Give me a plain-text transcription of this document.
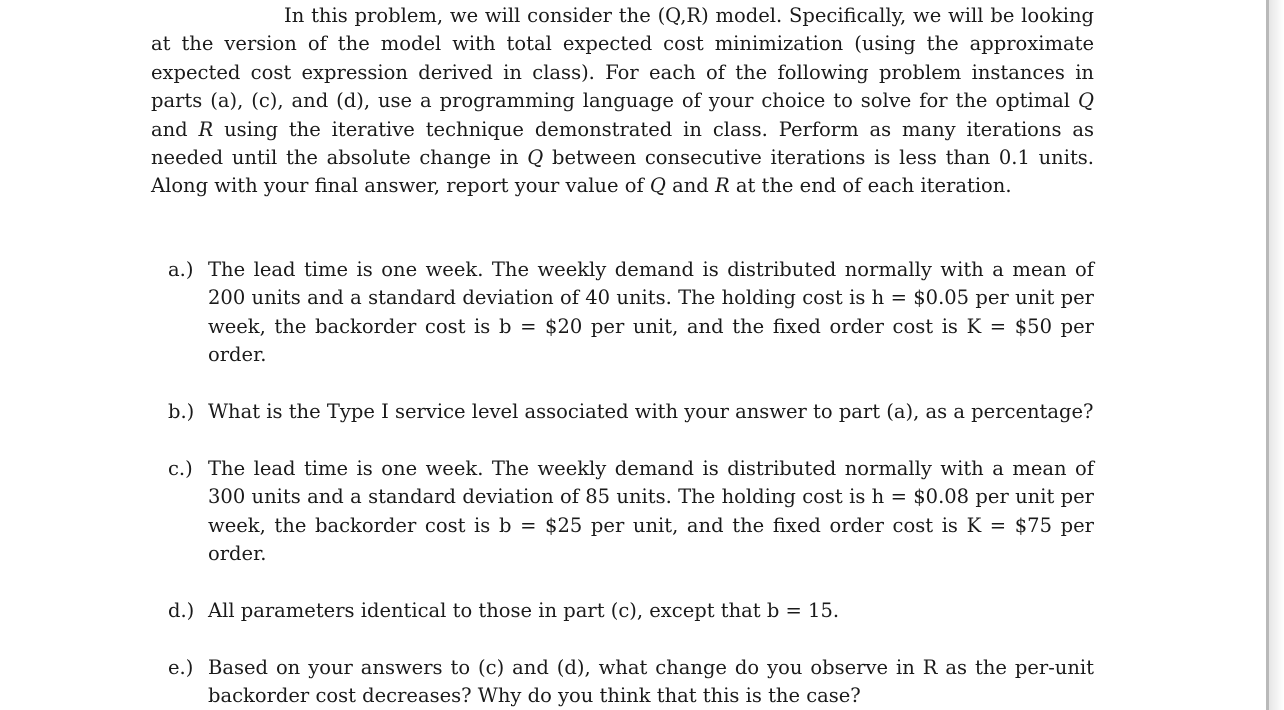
In this problem, we will consider the (Q,R) model. Specifically, we will be looking at the version of the model with total expected cost minimization (using the approximate expected cost expression derived in class). For each of the following problem instances in parts (a), (c), and (d), use a programming language of your choice to solve for the optimal Q and R using the iterative technique demonstrated in class. Perform as many iterations as needed until the absolute change in Q between consecutive iterations is less than 0.1 units. Along with your final answer, report your value of Q and R at the end of each iteration.

a.) The lead time is one week. The weekly demand is distributed normally with a mean of 200 units and a standard deviation of 40 units. The holding cost is h = $0.05 per unit per week, the backorder cost is b = $20 per unit, and the fixed order cost is K = $50 per order.

b.) What is the Type I service level associated with your answer to part (a), as a percentage?

c.) The lead time is one week. The weekly demand is distributed normally with a mean of 300 units and a standard deviation of 85 units. The holding cost is h = $0.08 per unit per week, the backorder cost is b = $25 per unit, and the fixed order cost is K = $75 per order.

d.) All parameters identical to those in part (c), except that b = 15.

e.) Based on your answers to (c) and (d), what change do you observe in R as the per-unit backorder cost decreases? Why do you think that this is the case?
